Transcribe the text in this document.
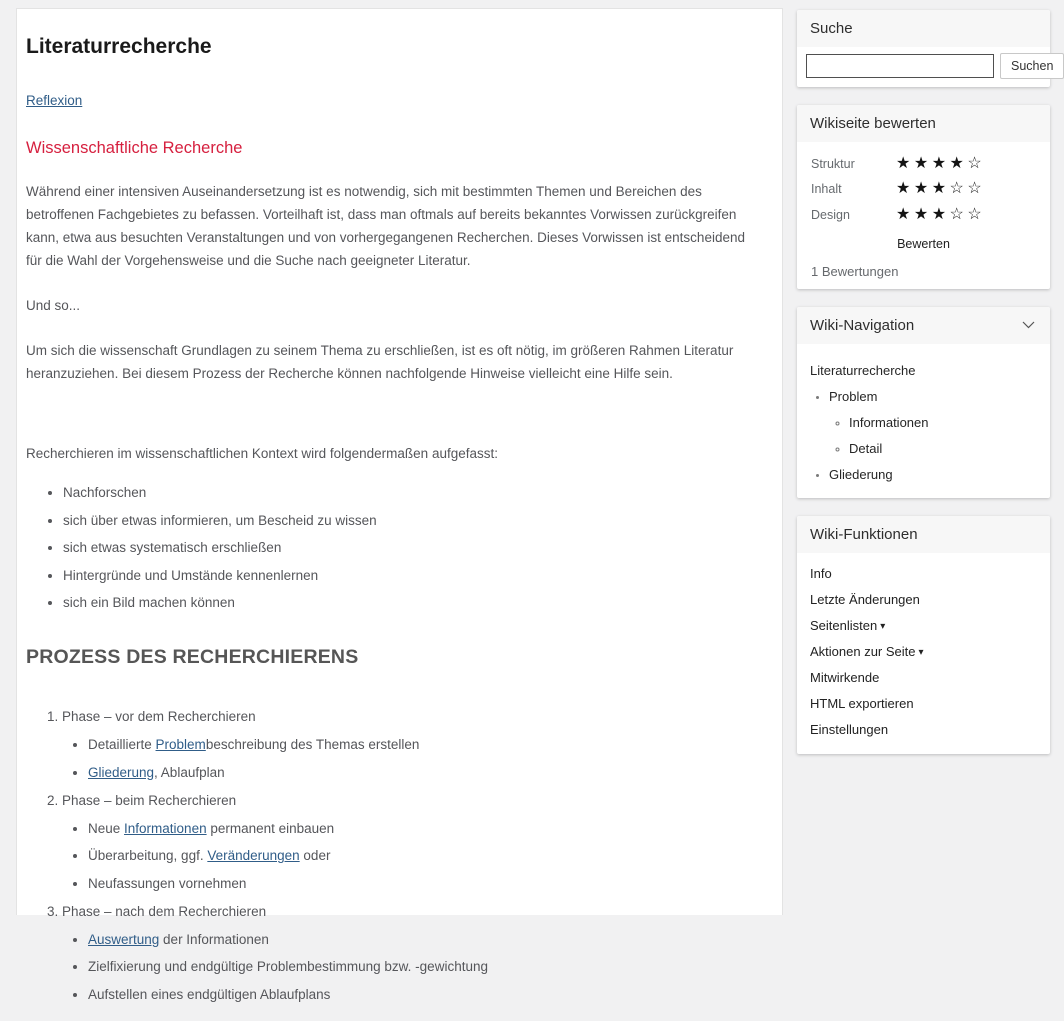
Literaturrecherche

Reflexion

Wissenschaftliche Recherche

Während einer intensiven Auseinandersetzung ist es notwendig, sich mit bestimmten Themen und Bereichen des betroffenen Fachgebietes zu befassen. Vorteilhaft ist, dass man oftmals auf bereits bekanntes Vorwissen zurückgreifen kann, etwa aus besuchten Veranstaltungen und von vorhergegangenen Recherchen. Dieses Vorwissen ist entscheidend für die Wahl der Vorgehensweise und die Suche nach geeigneter Literatur.

Und so...

Um sich die wissenschaft Grundlagen zu seinem Thema zu erschließen, ist es oft nötig, im größeren Rahmen Literatur heranzuziehen. Bei diesem Prozess der Recherche können nachfolgende Hinweise vielleicht eine Hilfe sein.

Recherchieren im wissenschaftlichen Kontext wird folgendermaßen aufgefasst:

• Nachforschen
• sich über etwas informieren, um Bescheid zu wissen
• sich etwas systematisch erschließen
• Hintergründe und Umstände kennenlernen
• sich ein Bild machen können
PROZESS DES RECHERCHIERENS
1. Phase – vor dem Recherchieren
• Detaillierte Problembeschreibung des Themas erstellen
• Gliederung, Ablaufplan
2. Phase – beim Recherchieren
• Neue Informationen permanent einbauen
• Überarbeitung, ggf. Veränderungen oder
• Neufassungen vornehmen
3. Phase – nach dem Recherchieren
• Auswertung der Informationen
• Zielfixierung und endgültige Problembestimmung bzw. -gewichtung
• Aufstellen eines endgültigen Ablaufplans
Suche
Suchen
Wikiseite bewerten
Struktur	★★★★☆
Inhalt	★★★☆☆
Design	★★★☆☆
Bewerten
1 Bewertungen
Wiki-Navigation
Literaturrecherche
• Problem
◦ Informationen
◦ Detail
• Gliederung
Wiki-Funktionen
Info
Letzte Änderungen
Seitenlisten ▾
Aktionen zur Seite ▾
Mitwirkende
HTML exportieren
Einstellungen
